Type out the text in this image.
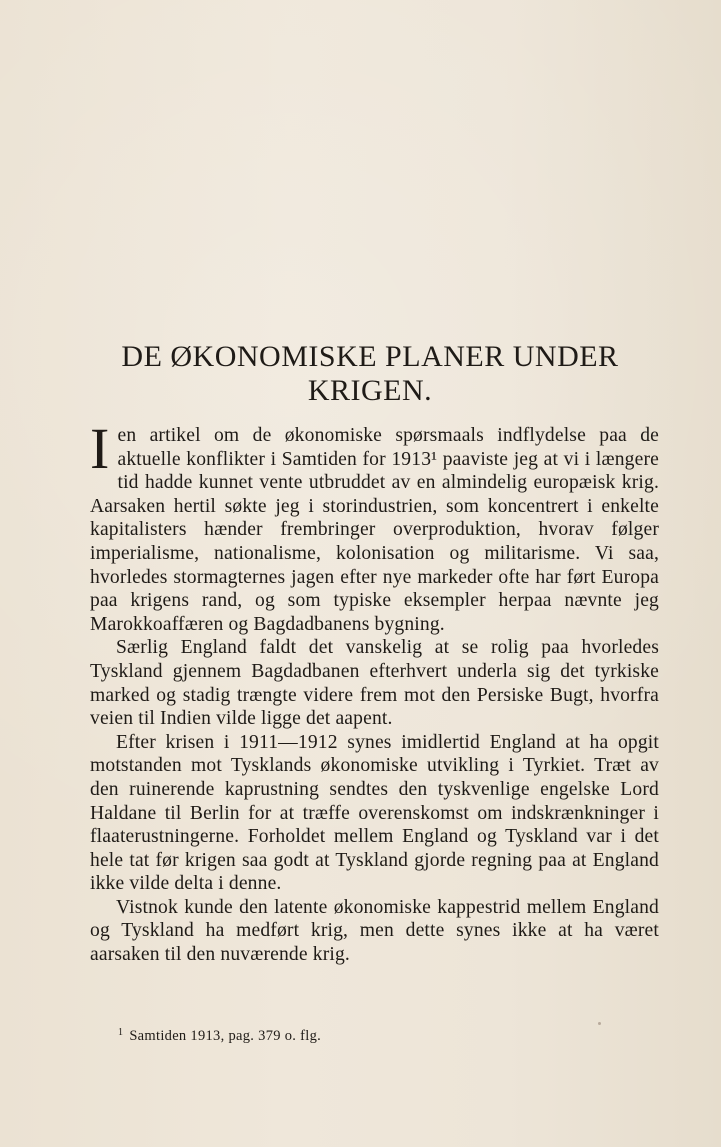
DE ØKONOMISKE PLANER UNDER

KRIGEN.

Ien artikel om de økonomiske spørsmaals indflydelse paa de aktuelle konflikter i Samtiden for 1913¹ paaviste jeg at vi i længere tid hadde kunnet vente utbruddet av en almindelig europæisk krig. Aarsaken hertil søkte jeg i storindustrien, som koncentrert i enkelte kapitalisters hænder frembringer overproduktion, hvorav følger imperialisme, nationalisme, kolonisation og militarisme. Vi saa, hvorledes stormagternes jagen efter nye markeder ofte har ført Europa paa krigens rand, og som typiske eksempler herpaa nævnte jeg Marokkoaffæren og Bagdadbanens bygning.

Særlig England faldt det vanskelig at se rolig paa hvorledes Tyskland gjennem Bagdadbanen efterhvert underla sig det tyrkiske marked og stadig trængte videre frem mot den Persiske Bugt, hvorfra veien til Indien vilde ligge det aapent.

Efter krisen i 1911—1912 synes imidlertid England at ha opgit motstanden mot Tysklands økonomiske utvikling i Tyrkiet. Træt av den ruinerende kaprustning sendtes den tyskvenlige engelske Lord Haldane til Berlin for at træffe overenskomst om indskrænkninger i flaaterustningerne. Forholdet mellem England og Tyskland var i det hele tat før krigen saa godt at Tyskland gjorde regning paa at England ikke vilde delta i denne.

Vistnok kunde den latente økonomiske kappestrid mellem England og Tyskland ha medført krig, men dette synes ikke at ha været aarsaken til den nuværende krig.

$^1$ Samtiden 1913, pag. 379 o. flg.
